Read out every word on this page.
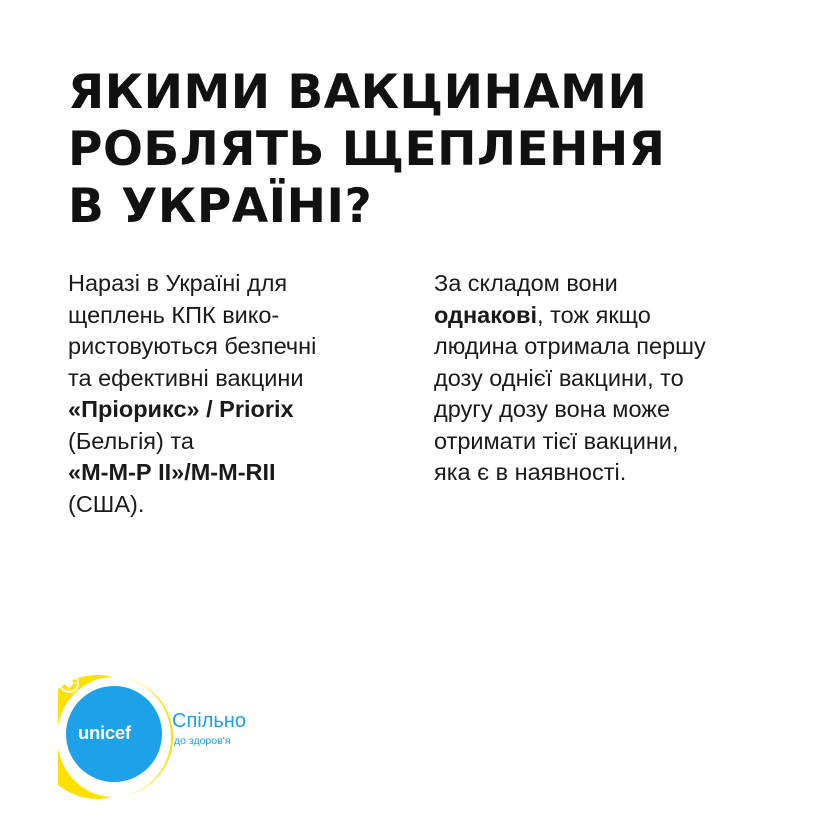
ЯКИМИ ВАКЦИНАМИ
РОБЛЯТЬ ЩЕПЛЕННЯ
В УКРАЇНІ?
Наразі в Україні для
щеплень КПК вико-
ристовуються безпечні
та ефективні вакцини
«Пріорикс» / Priorix
(Бельгія) та
«М-М-Р II»/M-M-RII
(США).
За складом вони
однакові, тож якщо
людина отримала першу
дозу однієї вакцини, то
другу дозу вона може
отримати тієї вакцини,
яка є в наявності.
unicef
Спільно
до здоров'я
